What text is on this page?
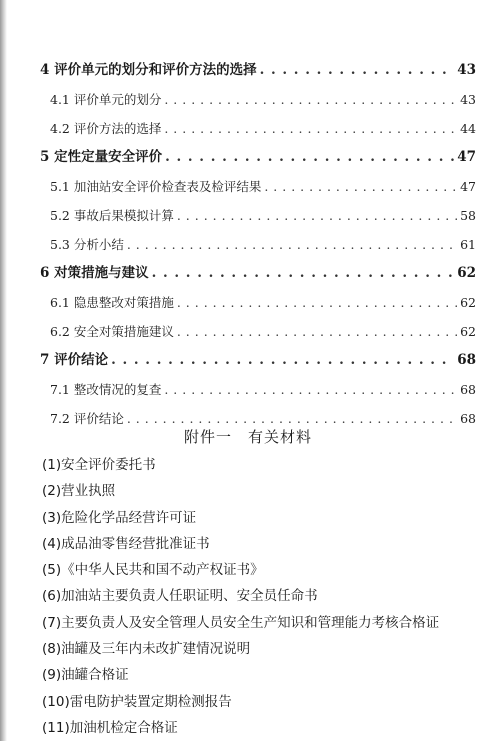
4 评价单元的划分和评价方法的选择 . . .	43
4.1 评价单元的划分 . . .	43
4.2 评价方法的选择 . . .	44
5 定性定量安全评价 . . .	47
5.1 加油站安全评价检查表及检评结果 . . .	47
5.2 事故后果模拟计算 . . .	58
5.3 分析小结 . . .	61
6 对策措施与建议 . . .	62
6.1 隐患整改对策措施 . . .	62
6.2 安全对策措施建议 . . .	62
7 评价结论 . . .	68
7.1 整改情况的复查 . . .	68
7.2 评价结论 . . .	68
附件一　有关材料
(1)安全评价委托书
(2)营业执照
(3)危险化学品经营许可证
(4)成品油零售经营批准证书
(5)《中华人民共和国不动产权证书》
(6)加油站主要负责人任职证明、安全员任命书
(7)主要负责人及安全管理人员安全生产知识和管理能力考核合格证
(8)油罐及三年内未改扩建情况说明
(9)油罐合格证
(10)雷电防护装置定期检测报告
(11)加油机检定合格证
